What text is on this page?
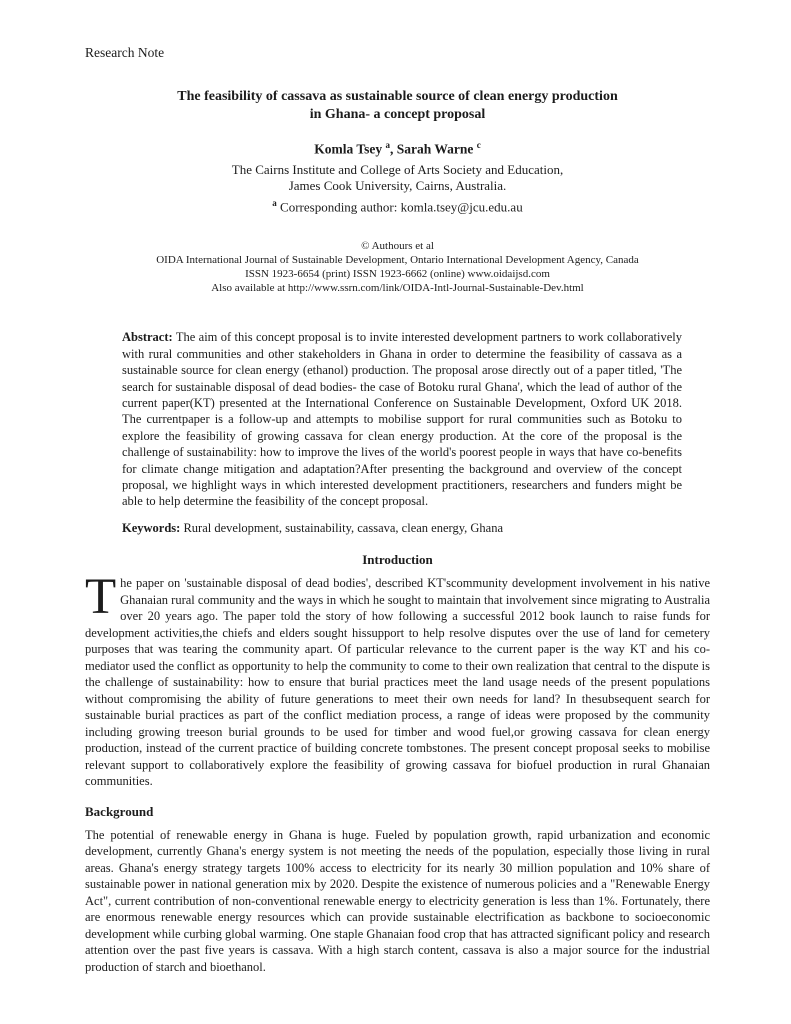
Research Note
The feasibility of cassava as sustainable source of clean energy production
in Ghana- a concept proposal
Komla Tsey $^a$, Sarah Warne $^c$
The Cairns Institute and College of Arts Society and Education,
James Cook University, Cairns, Australia.
$^a$ Corresponding author: komla.tsey@jcu.edu.au
© Authours et al
OIDA International Journal of Sustainable Development, Ontario International Development Agency, Canada
ISSN 1923-6654 (print) ISSN 1923-6662 (online) www.oidaijsd.com
Also available at http://www.ssrn.com/link/OIDA-Intl-Journal-Sustainable-Dev.html
Abstract: The aim of this concept proposal is to invite interested development partners to work collaboratively with rural communities and other stakeholders in Ghana in order to determine the feasibility of cassava as a sustainable source for clean energy (ethanol) production. The proposal arose directly out of a paper titled, 'The search for sustainable disposal of dead bodies- the case of Botoku rural Ghana', which the lead of author of the current paper(KT) presented at the International Conference on Sustainable Development, Oxford UK 2018. The currentpaper is a follow-up and attempts to mobilise support for rural communities such as Botoku to explore the feasibility of growing cassava for clean energy production. At the core of the proposal is the challenge of sustainability: how to improve the lives of the world's poorest people in ways that have co-benefits for climate change mitigation and adaptation?After presenting the background and overview of the concept proposal, we highlight ways in which interested development practitioners, researchers and funders might be able to help determine the feasibility of the concept proposal.
Keywords: Rural development, sustainability, cassava, clean energy, Ghana
Introduction
The paper on 'sustainable disposal of dead bodies', described KT'scommunity development involvement in his native Ghanaian rural community and the ways in which he sought to maintain that involvement since migrating to Australia over 20 years ago. The paper told the story of how following a successful 2012 book launch to raise funds for development activities,the chiefs and elders sought hissupport to help resolve disputes over the use of land for cemetery purposes that was tearing the community apart. Of particular relevance to the current paper is the way KT and his co- mediator used the conflict as opportunity to help the community to come to their own realization that central to the dispute is the challenge of sustainability: how to ensure that burial practices meet the land usage needs of the present populations without compromising the ability of future generations to meet their own needs for land? In thesubsequent search for sustainable burial practices as part of the conflict mediation process, a range of ideas were proposed by the community including growing treeson burial grounds to be used for timber and wood fuel,or growing cassava for clean energy production, instead of the current practice of building concrete tombstones. The present concept proposal seeks to mobilise relevant support to collaboratively explore the feasibility of growing cassava for biofuel production in rural Ghanaian communities.
Background
The potential of renewable energy in Ghana is huge. Fueled by population growth, rapid urbanization and economic development, currently Ghana's energy system is not meeting the needs of the population, especially those living in rural areas. Ghana's energy strategy targets 100% access to electricity for its nearly 30 million population and 10% share of sustainable power in national generation mix by 2020. Despite the existence of numerous policies and a "Renewable Energy Act", current contribution of non-conventional renewable energy to electricity generation is less than 1%. Fortunately, there are enormous renewable energy resources which can provide sustainable electrification as backbone to socioeconomic development while curbing global warming. One staple Ghanaian food crop that has attracted significant policy and research attention over the past five years is cassava. With a high starch content, cassava is also a major source for the industrial production of starch and bioethanol.
